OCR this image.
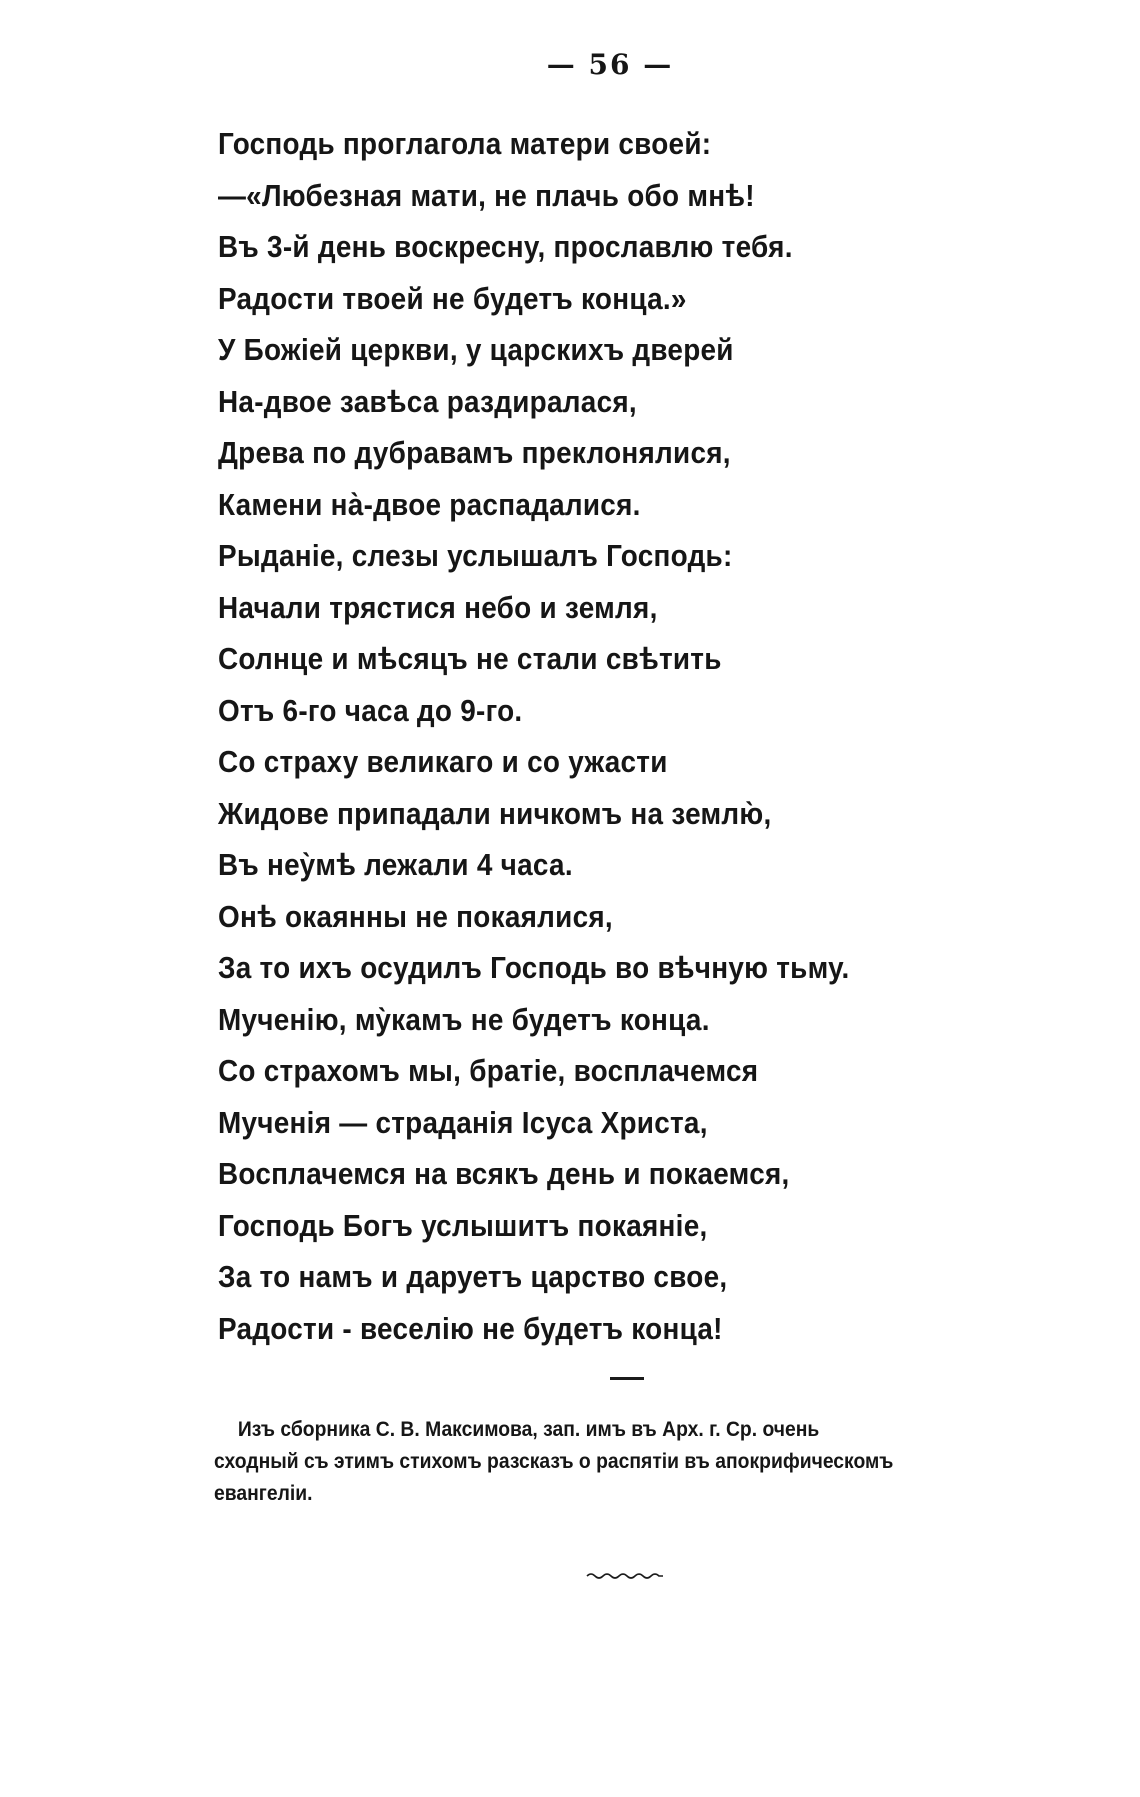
— 56 —
Господь проглагола матери своей:
—«Любезная мати, не плачь обо мнѣ!
Въ 3-й день воскресну, прославлю тебя.
Радости твоей не будетъ конца.»
У Божiей церкви, у царскихъ дверей
На-двое завѣса раздиралася,
Древа по дубравамъ преклонялися,
Камени на̀-двое распадалися.
Рыданiе, слезы услышалъ Господь:
Начали трястися небо и земля,
Солнце и мѣсяцъ не стали свѣтить
Отъ 6-го часа до 9-го.
Со страху великаго и со ужасти
Жидове припадали ничкомъ на землю̀,
Въ неу̀мѣ лежали 4 часа.
Онѣ окаянны не покаялися,
За то ихъ осудилъ Господь во вѣчную тьму.
Мученiю, му̀камъ не будетъ конца.
Со страхомъ мы, братiе, восплачемся
Мученiя — страданiя Iсуса Христа,
Восплачемся на всякъ день и покаемся,
Господь Богъ услышитъ покаянiе,
За то намъ и даруетъ царство свое,
Радости - веселiю не будетъ конца!
Изъ сборника С. В. Максимова, зап. имъ въ Арх. г. Ср. очень
сходный съ этимъ стихомъ разсказъ о распятiи въ апокрифическомъ
евангелiи.
